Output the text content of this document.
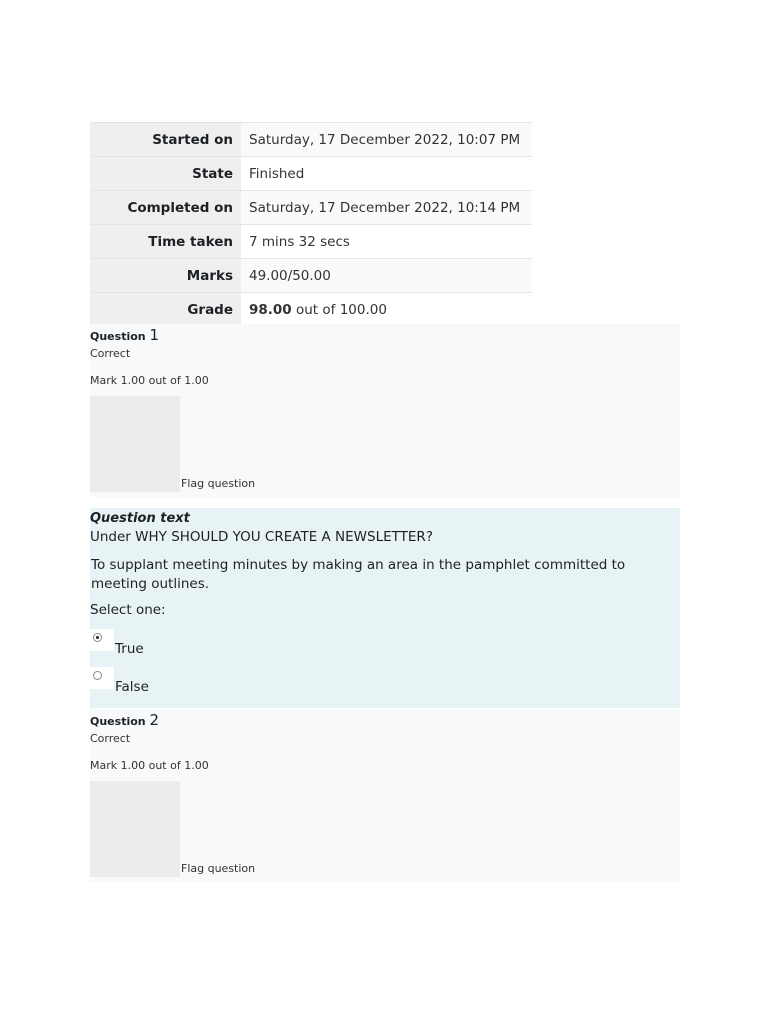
Started on	Saturday, 17 December 2022, 10:07 PM
State	Finished
Completed on	Saturday, 17 December 2022, 10:14 PM
Time taken	7 mins 32 secs
Marks	49.00/50.00
Grade	98.00 out of 100.00
Question 1
Correct
Mark 1.00 out of 1.00
Flag question
Question text
Under WHY SHOULD YOU CREATE A NEWSLETTER?
To supplant meeting minutes by making an area in the pamphlet committed to meeting outlines.
Select one:
True
False
Question 2
Correct
Mark 1.00 out of 1.00
Flag question
